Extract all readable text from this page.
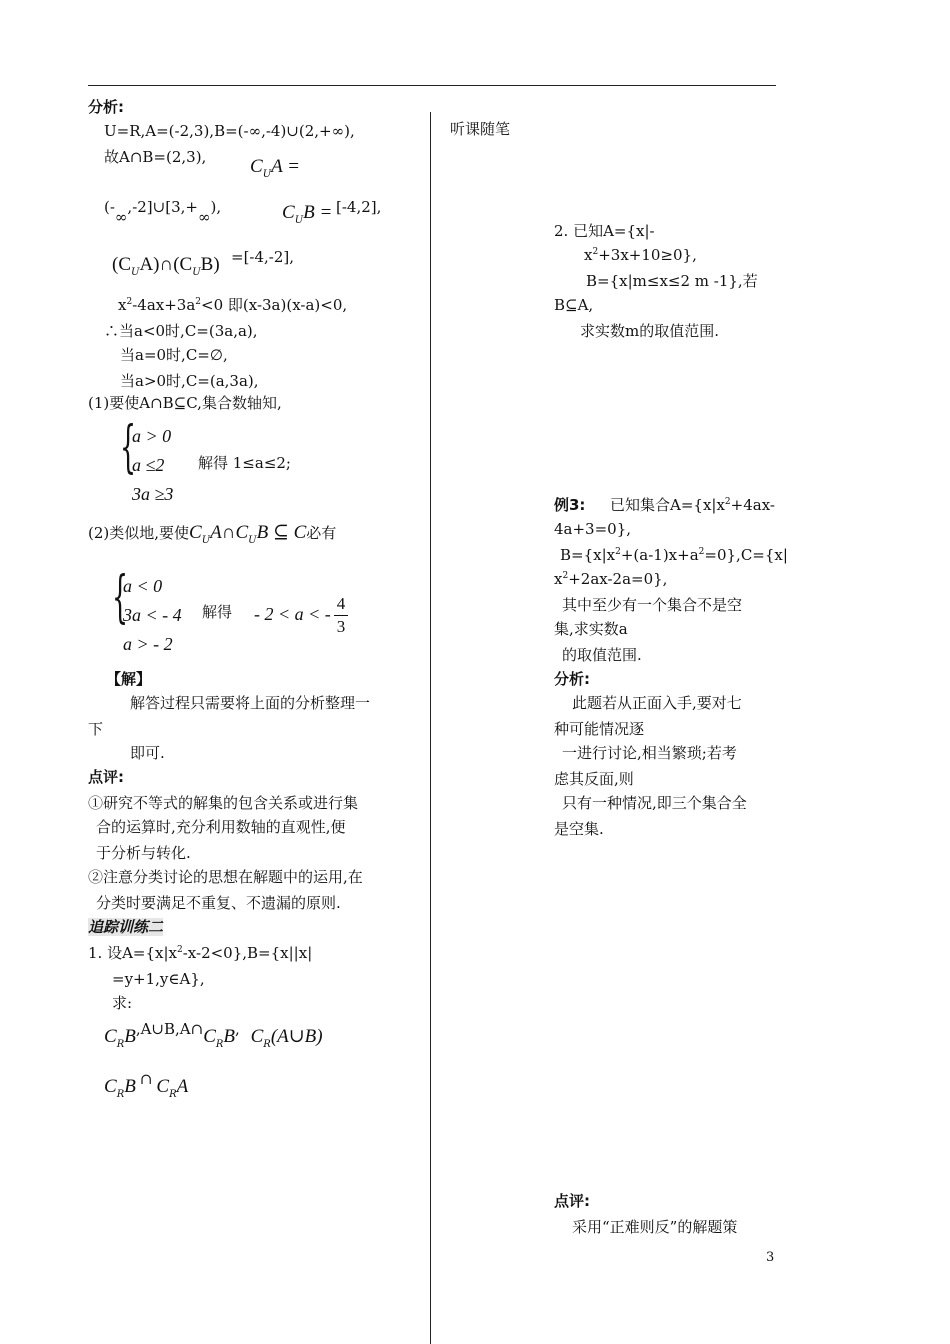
分析:
U=R,A=(-2,3),B=(-∞,-4)∪(2,+∞),
故A∩B=(2,3), $C_UA$ =
(-∞,-2]∪[3,+∞),	$C_UB = [-4,2]$,
$(C_UA)\cap(C_UB) =[-4,-2]$,
$x^2-4ax+3a^2<0$ 即(x-3a)(x-a)<0,
∴当a<0时,C=(3a,a),
当a=0时,C=∅,
当a>0时,C=(a,3a),
(1)要使A∩B⊆C,集合数轴知,
{
a > 0
a ≤2
3a ≥3
解得 1≤a≤2;
(2)类似地,要使$C_UA\cap C_UB$ ⊆ C必有
{
a < 0
3a < - 4
a > - 2
解得 - 2 < a < -
4
3
【解】
解答过程只需要将上面的分析整理一
下
即可.
点评:
①研究不等式的解集的包含关系或进行集
合的运算时,充分利用数轴的直观性,便
于分析与转化.
②注意分类讨论的思想在解题中的运用,在
分类时要满足不重复、不遗漏的原则.
追踪训练二
1. 设$A=\{x|x^2-x-2<0\},B=\{x||x|$
=y+1,y∈A},
求:
$C_RB,A\cup B,A\cap C_RB$, $C_R(A\cup B)$
$C_RB$ ∩ $C_RA$
听课随笔
2. 已知A={x|-
$x^2+3x+10\ge 0$},
B={x|m≤x≤2 m -1},若
B⊆A,
求实数m的取值范围.
例3: 已知集合$A=\{x|x^2+4ax-$
4a+3=0},
$B=\{x|x^2+(a-1)x+a^2=0\},C=\{x|$
$x^2+2ax-2a=0$},
其中至少有一个集合不是空
集,求实数a
的取值范围.
分析:
此题若从正面入手,要对七
种可能情况逐
一进行讨论,相当繁琐;若考
虑其反面,则
只有一种情况,即三个集合全
是空集.
点评:
采用“正难则反”的解题策
3
